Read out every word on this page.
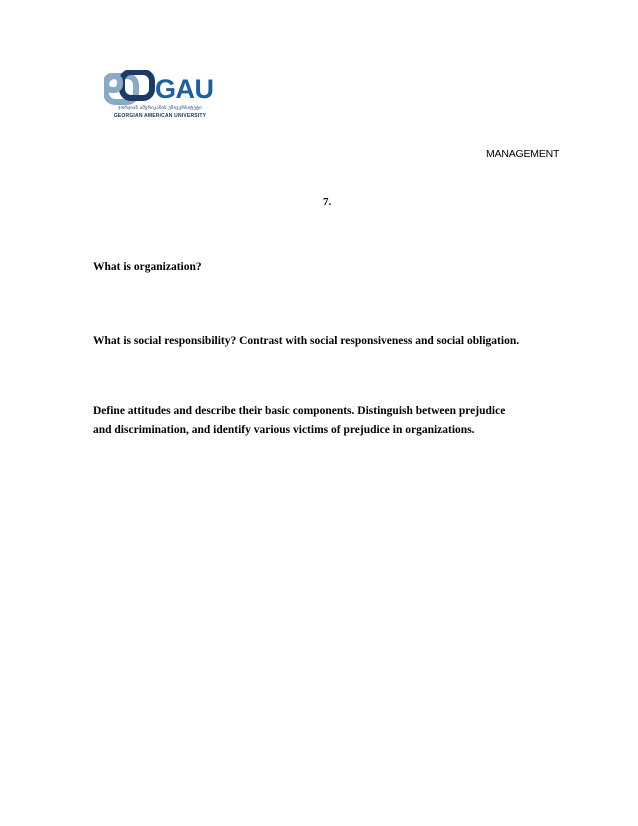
GAU
ჯორჯიან ამერიკანის უნივერსიტეტი
GEORGIAN AMERICAN UNIVERSITY
MANAGEMENT
7.
What is organization?
What is social responsibility? Contrast with social responsiveness and social obligation.
Define attitudes and describe their basic components. Distinguish between prejudice
and discrimination, and identify various victims of prejudice in organizations.
